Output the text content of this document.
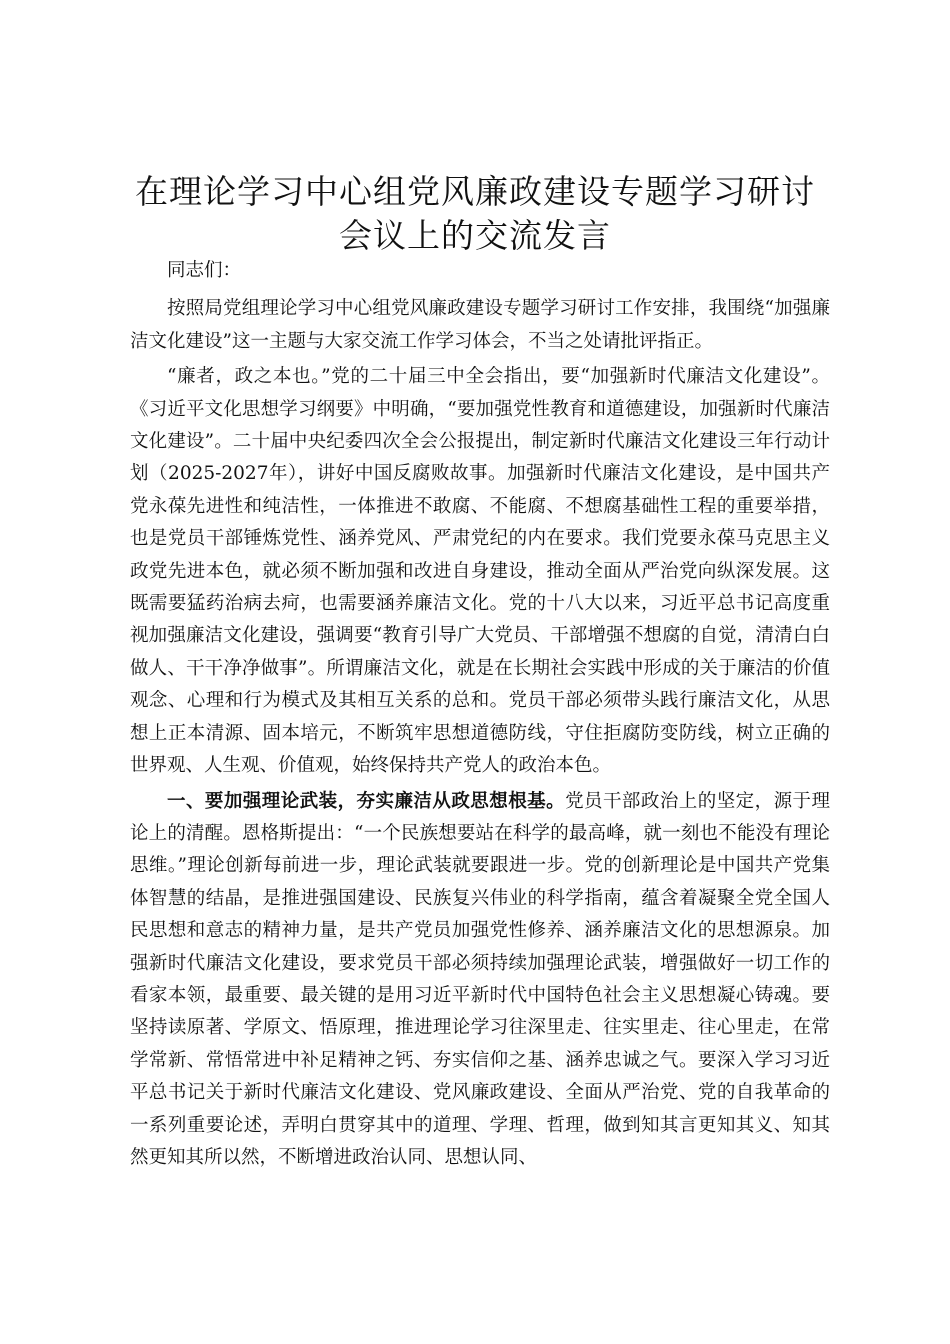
在理论学习中心组党风廉政建设专题学习研讨
会议上的交流发言

同志们：

按照局党组理论学习中心组党风廉政建设专题学习研讨工作安排，我围绕“加强廉洁文化建设”这一主题与大家交流工作学习体会，不当之处请批评指正。

“廉者，政之本也。”党的二十届三中全会指出，要“加强新时代廉洁文化建设”。《习近平文化思想学习纲要》中明确，“要加强党性教育和道德建设，加强新时代廉洁文化建设”。二十届中央纪委四次全会公报提出，制定新时代廉洁文化建设三年行动计划（2025-2027年），讲好中国反腐败故事。加强新时代廉洁文化建设，是中国共产党永葆先进性和纯洁性，一体推进不敢腐、不能腐、不想腐基础性工程的重要举措，也是党员干部锤炼党性、涵养党风、严肃党纪的内在要求。我们党要永葆马克思主义政党先进本色，就必须不断加强和改进自身建设，推动全面从严治党向纵深发展。这既需要猛药治病去疴，也需要涵养廉洁文化。党的十八大以来，习近平总书记高度重视加强廉洁文化建设，强调要“教育引导广大党员、干部增强不想腐的自觉，清清白白做人、干干净净做事”。所谓廉洁文化，就是在长期社会实践中形成的关于廉洁的价值观念、心理和行为模式及其相互关系的总和。党员干部必须带头践行廉洁文化，从思想上正本清源、固本培元，不断筑牢思想道德防线，守住拒腐防变防线，树立正确的世界观、人生观、价值观，始终保持共产党人的政治本色。

一、要加强理论武装，夯实廉洁从政思想根基。党员干部政治上的坚定，源于理论上的清醒。恩格斯提出：“一个民族想要站在科学的最高峰，就一刻也不能没有理论思维。”理论创新每前进一步，理论武装就要跟进一步。党的创新理论是中国共产党集体智慧的结晶，是推进强国建设、民族复兴伟业的科学指南，蕴含着凝聚全党全国人民思想和意志的精神力量，是共产党员加强党性修养、涵养廉洁文化的思想源泉。加强新时代廉洁文化建设，要求党员干部必须持续加强理论武装，增强做好一切工作的看家本领，最重要、最关键的是用习近平新时代中国特色社会主义思想凝心铸魂。要坚持读原著、学原文、悟原理，推进理论学习往深里走、往实里走、往心里走，在常学常新、常悟常进中补足精神之钙、夯实信仰之基、涵养忠诚之气。要深入学习习近平总书记关于新时代廉洁文化建设、党风廉政建设、全面从严治党、党的自我革命的一系列重要论述，弄明白贯穿其中的道理、学理、哲理，做到知其言更知其义、知其然更知其所以然，不断增进政治认同、思想认同、
